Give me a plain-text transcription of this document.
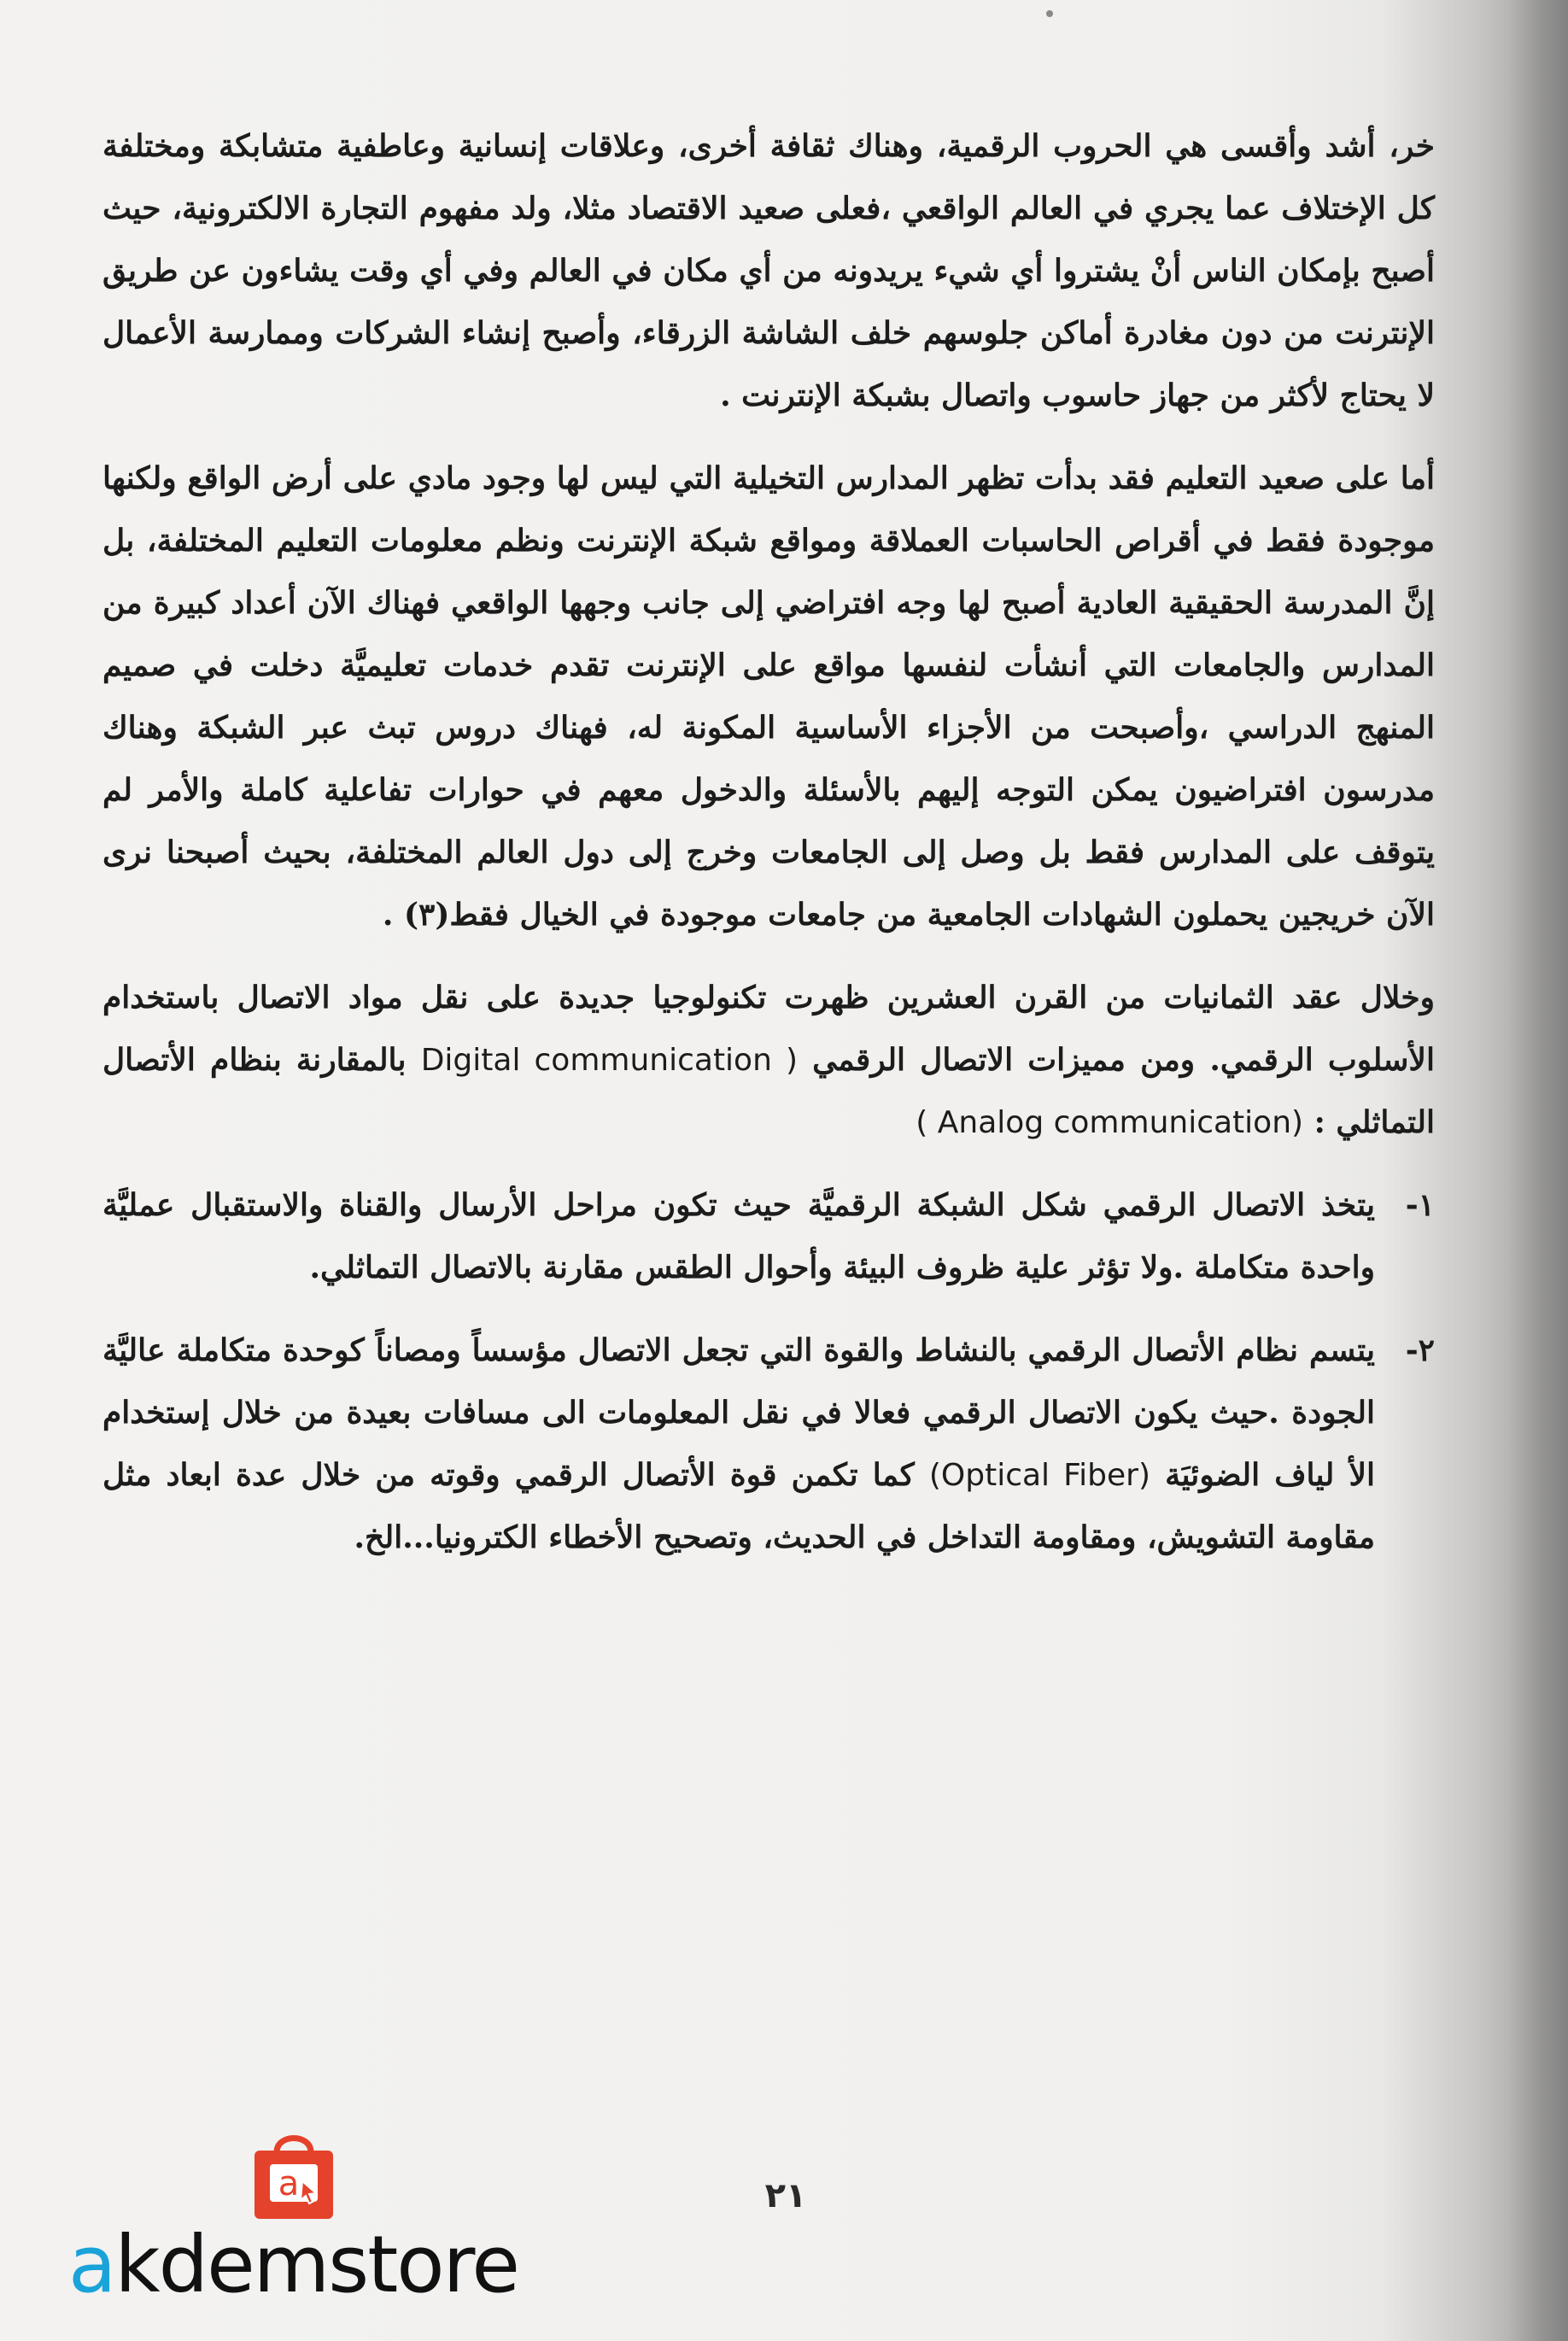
خر، أشد وأقسى هي الحروب الرقمية، وهناك ثقافة أخرى، وعلاقات إنسانية وعاطفية متشابكة ومختلفة كل الإختلاف عما يجري في العالم الواقعي ،فعلى صعيد الاقتصاد مثلا، ولد مفهوم التجارة الالكترونية، حيث أصبح بإمكان الناس أنْ يشتروا أي شيء يريدونه من أي مكان في العالم وفي أي وقت يشاءون عن طريق الإنترنت من دون مغادرة أماكن جلوسهم خلف الشاشة الزرقاء، وأصبح إنشاء الشركات وممارسة الأعمال لا يحتاج لأكثر من جهاز حاسوب واتصال بشبكة الإنترنت .

أما على صعيد التعليم فقد بدأت تظهر المدارس التخيلية التي ليس لها وجود مادي على أرض الواقع ولكنها موجودة فقط في أقراص الحاسبات العملاقة ومواقع شبكة الإنترنت ونظم معلومات التعليم المختلفة، بل إنَّ المدرسة الحقيقية العادية أصبح لها وجه افتراضي إلى جانب وجهها الواقعي فهناك الآن أعداد كبيرة من المدارس والجامعات التي أنشأت لنفسها مواقع على الإنترنت تقدم خدمات تعليميَّة دخلت في صميم المنهج الدراسي ،وأصبحت من الأجزاء الأساسية المكونة له، فهناك دروس تبث عبر الشبكة وهناك مدرسون افتراضيون يمكن التوجه إليهم بالأسئلة والدخول معهم في حوارات تفاعلية كاملة والأمر لم يتوقف على المدارس فقط بل وصل إلى الجامعات وخرج إلى دول العالم المختلفة، بحيث أصبحنا نرى الآن خريجين يحملون الشهادات الجامعية من جامعات موجودة في الخيال فقط(٣) .

وخلال عقد الثمانيات من القرن العشرين ظهرت تكنولوجيا جديدة على نقل مواد الاتصال باستخدام الأسلوب الرقمي. ومن مميزات الاتصال الرقمي ( Digital communication بالمقارنة بنظام الأتصال التماثلي : (Analog communication )

١-
يتخذ الاتصال الرقمي شكل الشبكة الرقميَّة حيث تكون مراحل الأرسال والقناة والاستقبال عمليَّة واحدة متكاملة .ولا تؤثر علية ظروف البيئة وأحوال الطقس مقارنة بالاتصال التماثلي.
٢-
يتسم نظام الأتصال الرقمي بالنشاط والقوة التي تجعل الاتصال مؤسساً ومصاناً كوحدة متكاملة عاليَّة الجودة .حيث يكون الاتصال الرقمي فعالا في نقل المعلومات الى مسافات بعيدة من خلال إستخدام الأ لياف الضوئيَة (Optical Fiber) كما تكمن قوة الأتصال الرقمي وقوته من خلال عدة ابعاد مثل مقاومة التشويش، ومقاومة التداخل في الحديث، وتصحيح الأخطاء الكترونيا...الخ.
٢١
a
akdemstore
